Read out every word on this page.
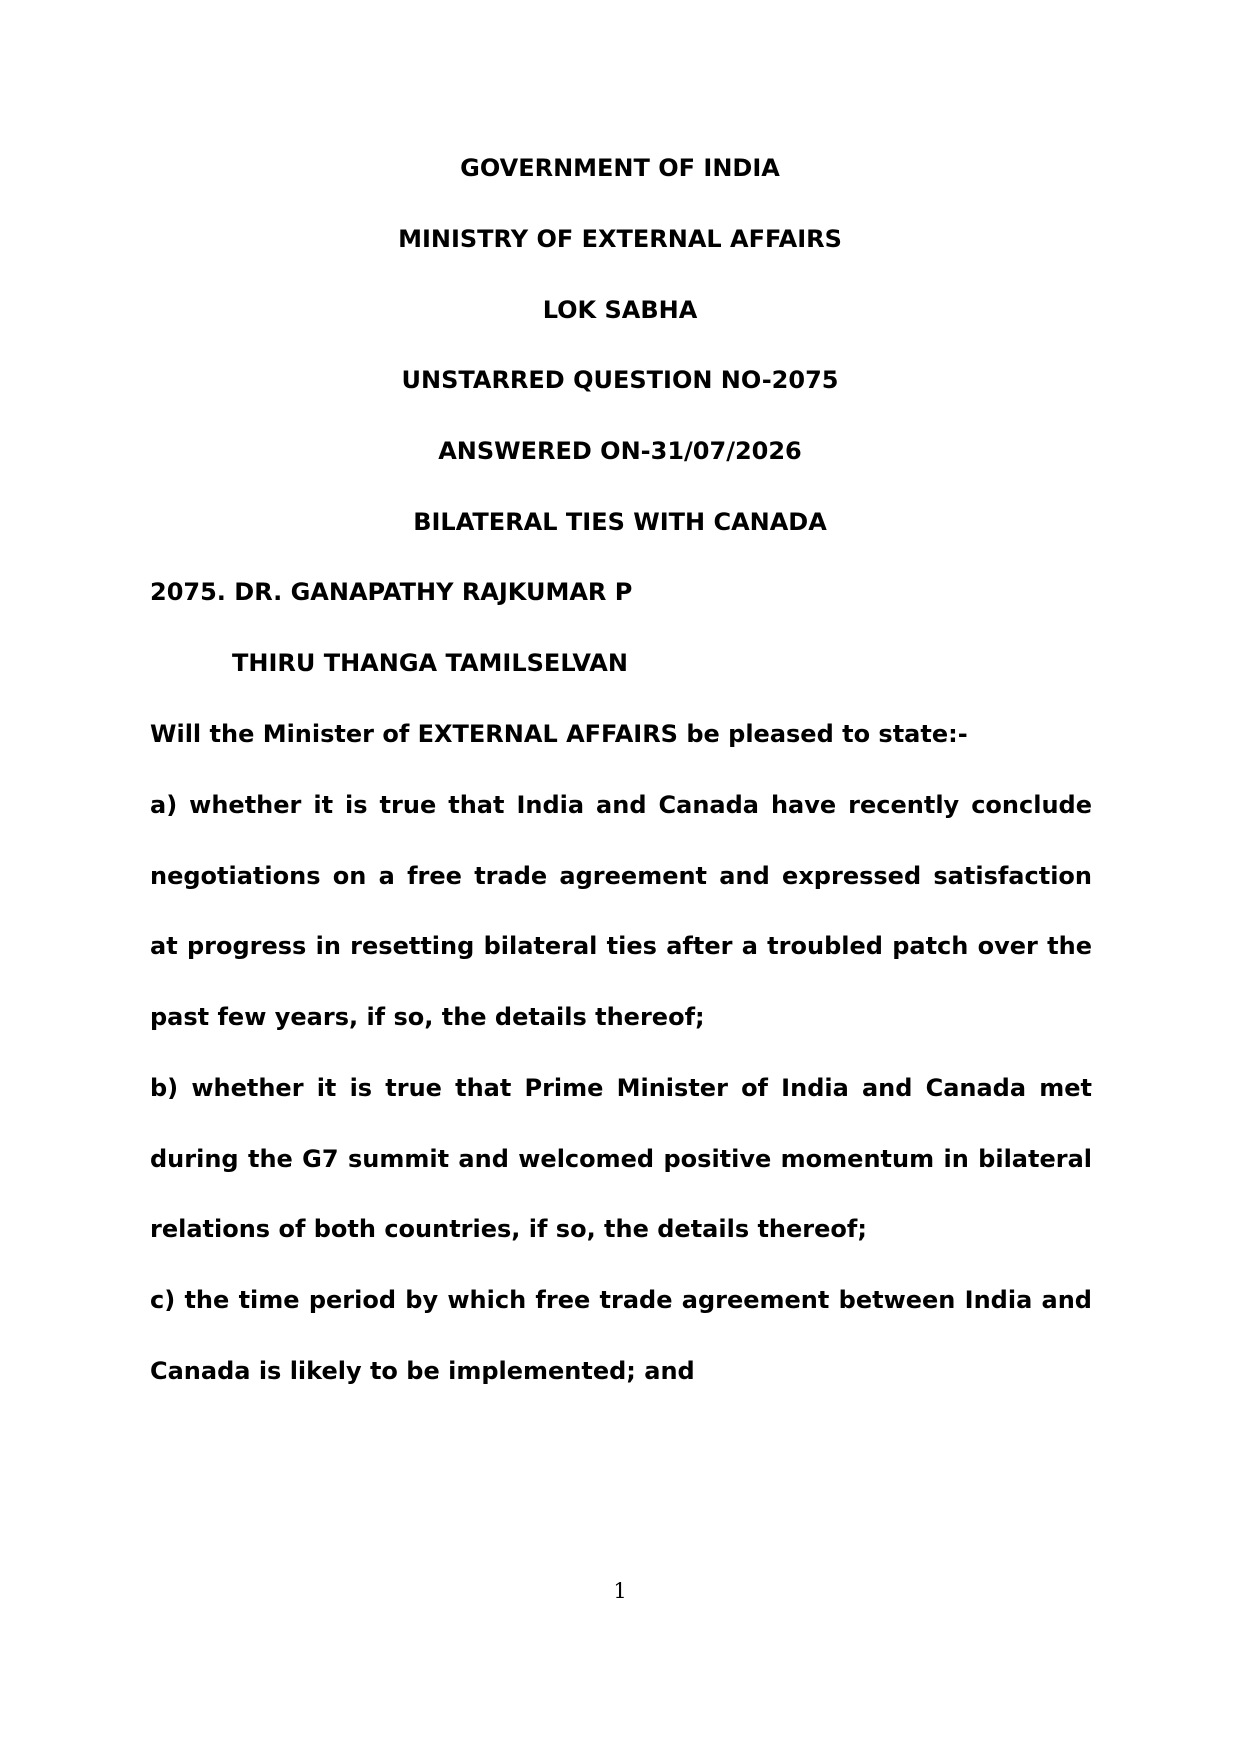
GOVERNMENT OF INDIA

MINISTRY OF EXTERNAL AFFAIRS

LOK SABHA

UNSTARRED QUESTION NO-2075

ANSWERED ON-31/07/2026

BILATERAL TIES WITH CANADA

2075. DR. GANAPATHY RAJKUMAR P

THIRU THANGA TAMILSELVAN

Will the Minister of EXTERNAL AFFAIRS be pleased to state:-

a) whether it is true that India and Canada have recently conclude

negotiations on a free trade agreement and expressed satisfaction

at progress in resetting bilateral ties after a troubled patch over the

past few years, if so, the details thereof;

b) whether it is true that Prime Minister of India and Canada met

during the G7 summit and welcomed positive momentum in bilateral

relations of both countries, if so, the details thereof;

c) the time period by which free trade agreement between India and

Canada is likely to be implemented; and

1
